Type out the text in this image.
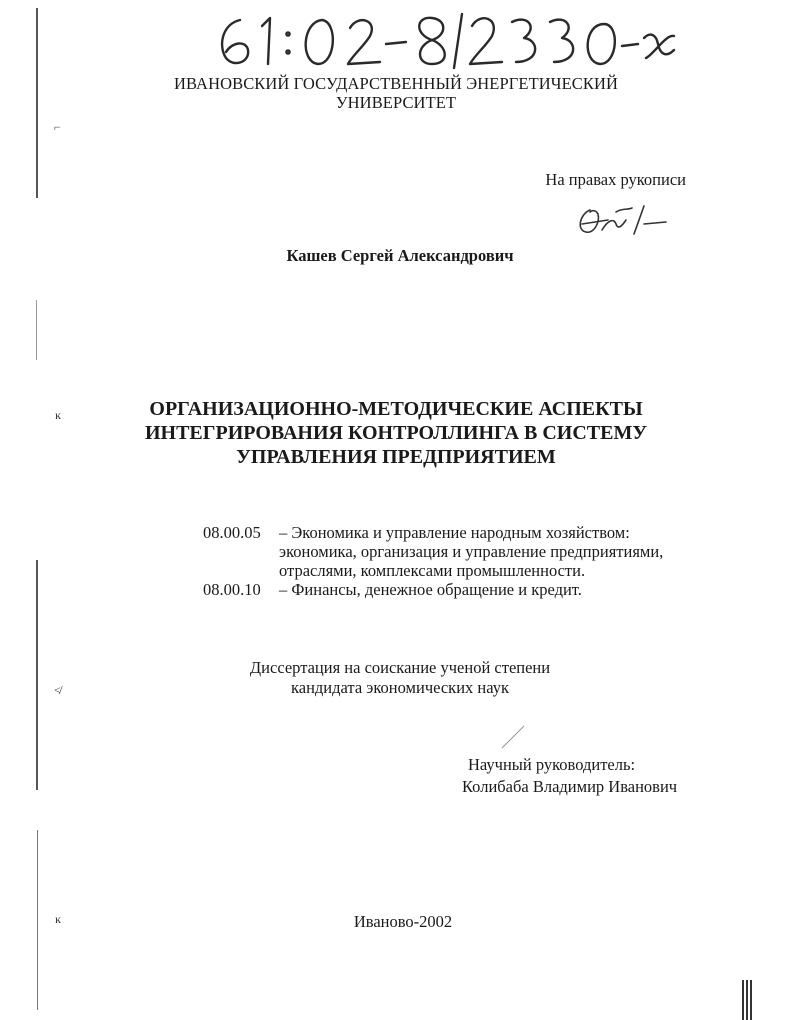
⌐
ĸ
≮
ĸ
ИВАНОВСКИЙ ГОСУДАРСТВЕННЫЙ ЭНЕРГЕТИЧЕСКИЙ
УНИВЕРСИТЕТ
На правах рукописи
Кашев Сергей Александрович
ОРГАНИЗАЦИОННО-МЕТОДИЧЕСКИЕ АСПЕКТЫ
ИНТЕГРИРОВАНИЯ КОНТРОЛЛИНГА В СИСТЕМУ
УПРАВЛЕНИЯ ПРЕДПРИЯТИЕМ
08.00.05	– Экономика и управление народным хозяйством:
экономика, организация и управление предприятиями,
отраслями, комплексами промышленности.
08.00.10	– Финансы, денежное обращение и кредит.
Диссертация на соискание ученой степени
кандидата экономических наук
Научный руководитель:
Колибаба Владимир Иванович
Иваново-2002
